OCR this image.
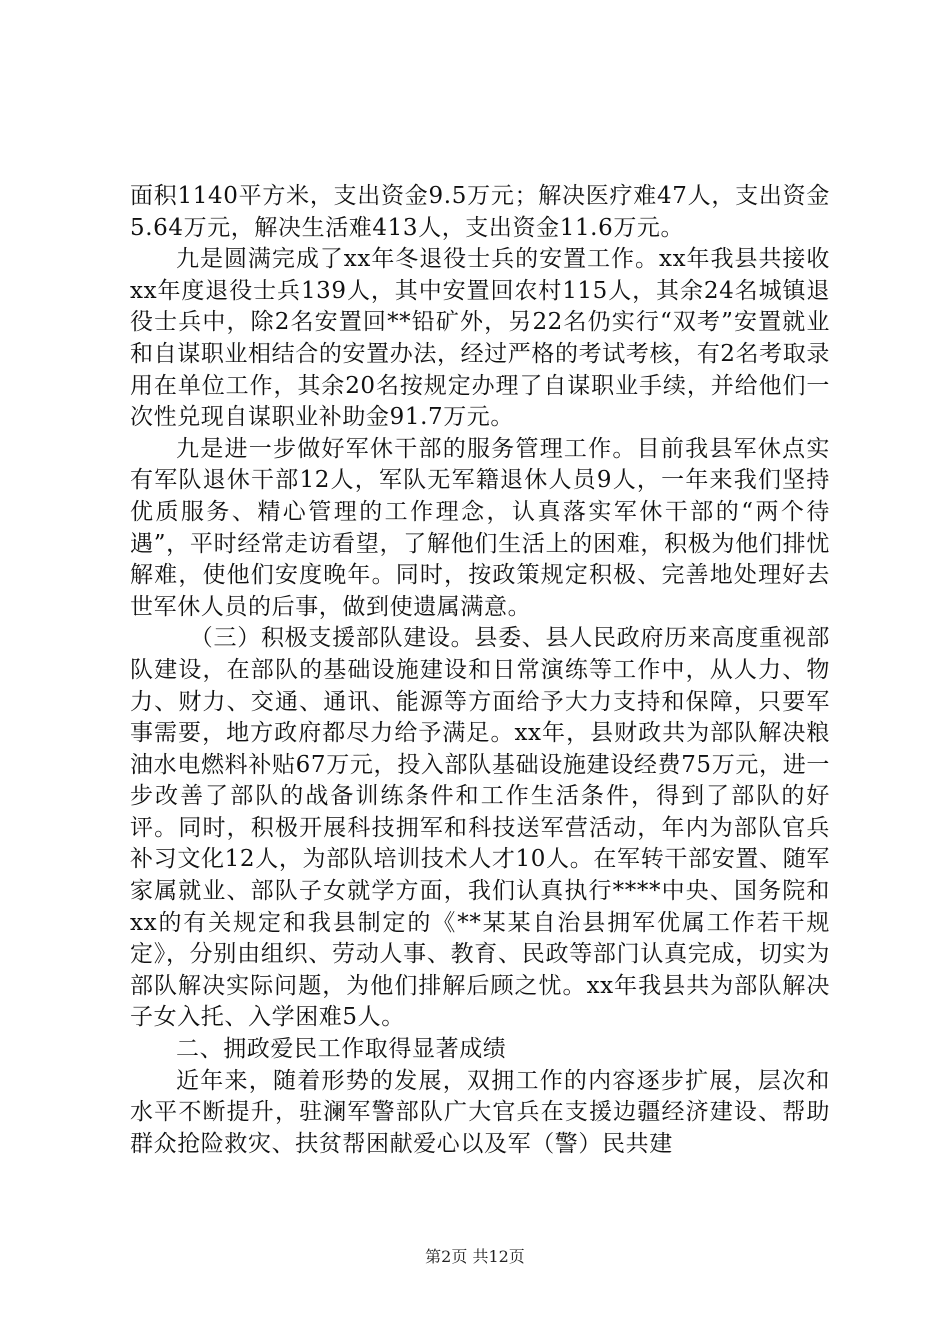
面积1140平方米，支出资金9.5万元；解决医疗难47人，支出资金5.64万元，解决生活难413人，支出资金11.6万元。

九是圆满完成了xx年冬退役士兵的安置工作。xx年我县共接收xx年度退役士兵139人，其中安置回农村115人，其余24名城镇退役士兵中，除2名安置回**铅矿外，另22名仍实行“双考”安置就业和自谋职业相结合的安置办法，经过严格的考试考核，有2名考取录用在单位工作，其余20名按规定办理了自谋职业手续，并给他们一次性兑现自谋职业补助金91.7万元。

九是进一步做好军休干部的服务管理工作。目前我县军休点实有军队退休干部12人，军队无军籍退休人员9人，一年来我们坚持优质服务、精心管理的工作理念，认真落实军休干部的“两个待遇”，平时经常走访看望，了解他们生活上的困难，积极为他们排忧解难，使他们安度晚年。同时，按政策规定积极、完善地处理好去世军休人员的后事，做到使遗属满意。

（三）积极支援部队建设。县委、县人民政府历来高度重视部队建设，在部队的基础设施建设和日常演练等工作中，从人力、物力、财力、交通、通讯、能源等方面给予大力支持和保障，只要军事需要，地方政府都尽力给予满足。xx年，县财政共为部队解决粮油水电燃料补贴67万元，投入部队基础设施建设经费75万元，进一步改善了部队的战备训练条件和工作生活条件，得到了部队的好评。同时，积极开展科技拥军和科技送军营活动，年内为部队官兵补习文化12人，为部队培训技术人才10人。在军转干部安置、随军家属就业、部队子女就学方面，我们认真执行****中央、国务院和xx的有关规定和我县制定的《**某某自治县拥军优属工作若干规定》，分别由组织、劳动人事、教育、民政等部门认真完成，切实为部队解决实际问题，为他们排解后顾之忧。xx年我县共为部队解决子女入托、入学困难5人。

二、拥政爱民工作取得显著成绩

近年来，随着形势的发展，双拥工作的内容逐步扩展，层次和水平不断提升，驻澜军警部队广大官兵在支援边疆经济建设、帮助群众抢险救灾、扶贫帮困献爱心以及军（警）民共建

第2页 共12页
